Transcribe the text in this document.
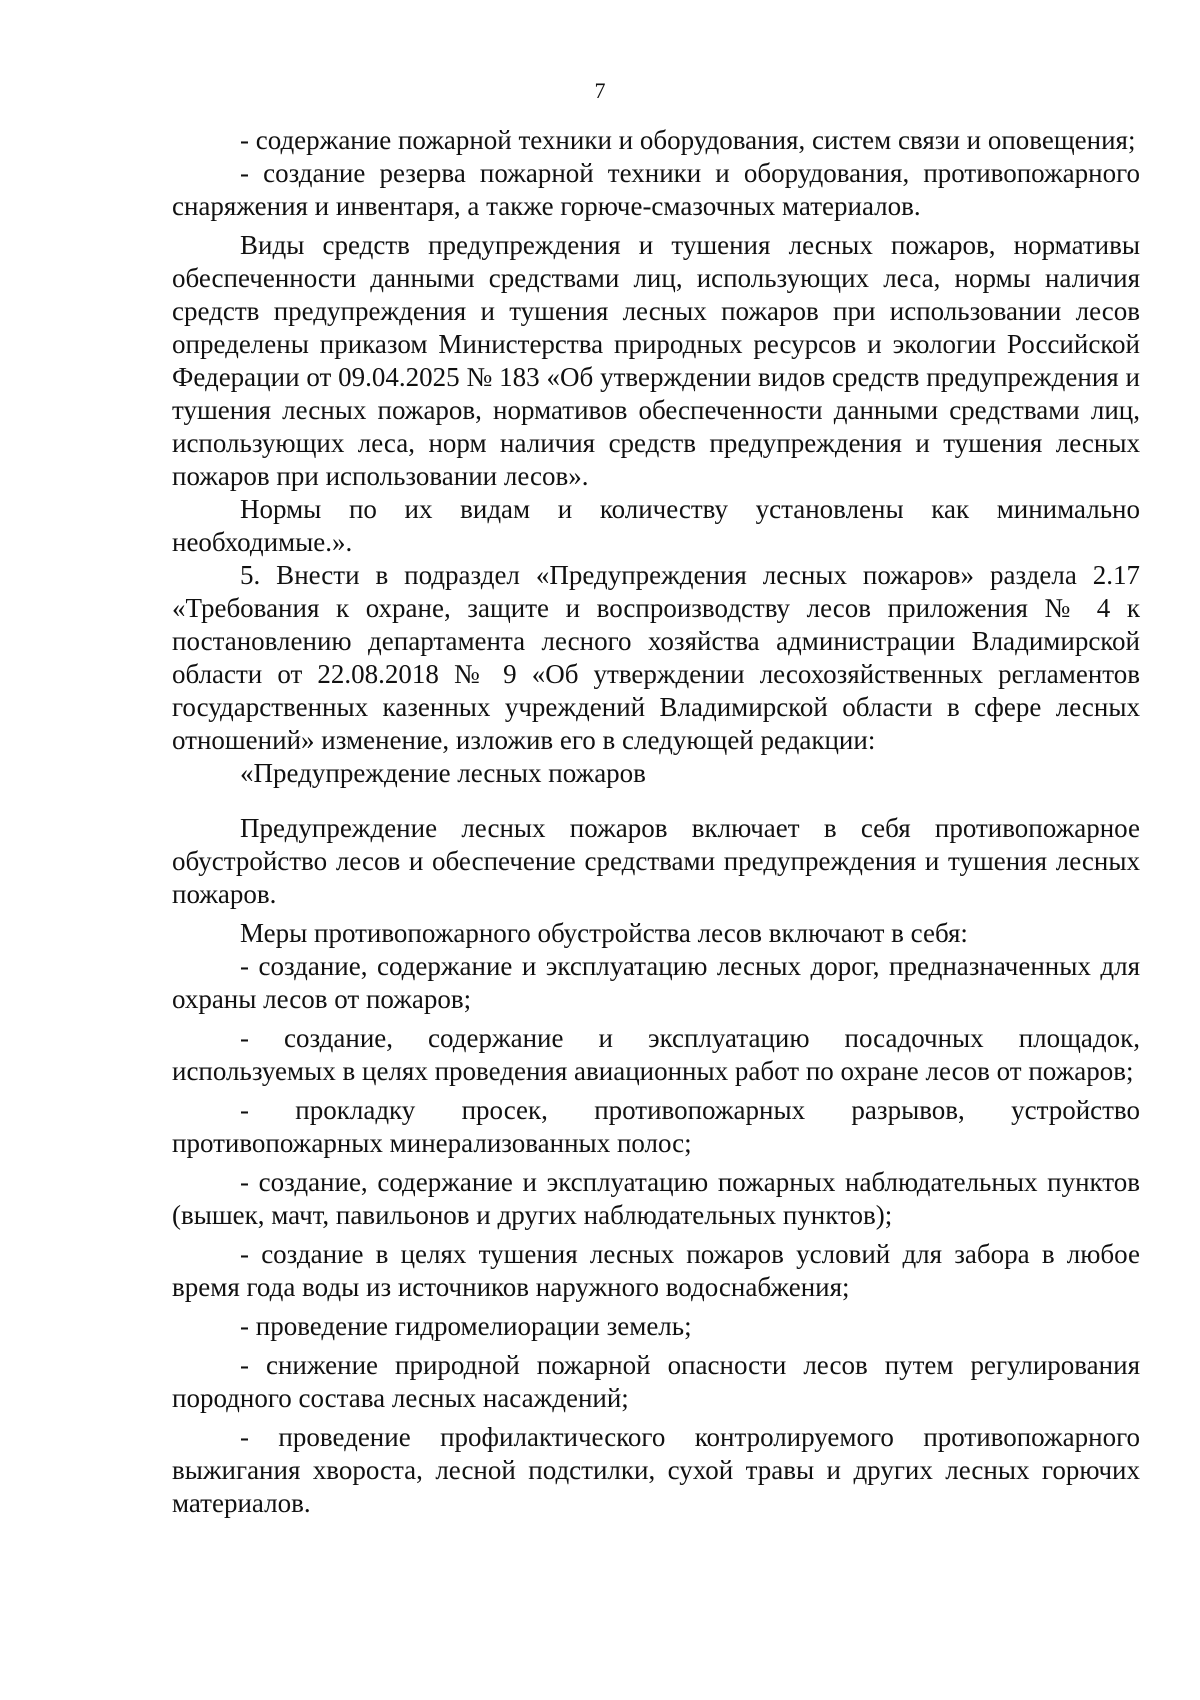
7

- содержание пожарной техники и оборудования, систем связи и оповещения;

- создание резерва пожарной техники и оборудования, противопожарного снаряжения и инвентаря, а также горюче-смазочных материалов.

Виды средств предупреждения и тушения лесных пожаров, нормативы обеспеченности данными средствами лиц, использующих леса, нормы наличия средств предупреждения и тушения лесных пожаров при использовании лесов определены приказом Министерства природных ресурсов и экологии Российской Федерации от 09.04.2025 № 183 «Об утверждении видов средств предупреждения и тушения лесных пожаров, нормативов обеспеченности данными средствами лиц, использующих леса, норм наличия средств предупреждения и тушения лесных пожаров при использовании лесов».

Нормы по их видам и количеству установлены как минимально необходимые.».

5. Внести в подраздел «Предупреждения лесных пожаров» раздела 2.17 «Требования к охране, защите и воспроизводству лесов приложения № 4 к постановлению департамента лесного хозяйства администрации Владимирской области от 22.08.2018 № 9 «Об утверждении лесохозяйственных регламентов государственных казенных учреждений Владимирской области в сфере лесных отношений» изменение, изложив его в следующей редакции:

«Предупреждение лесных пожаров

Предупреждение лесных пожаров включает в себя противопожарное обустройство лесов и обеспечение средствами предупреждения и тушения лесных пожаров.

Меры противопожарного обустройства лесов включают в себя:

- создание, содержание и эксплуатацию лесных дорог, предназначенных для охраны лесов от пожаров;

- создание, содержание и эксплуатацию посадочных площадок, используемых в целях проведения авиационных работ по охране лесов от пожаров;

- прокладку просек, противопожарных разрывов, устройство противопожарных минерализованных полос;

- создание, содержание и эксплуатацию пожарных наблюдательных пунктов (вышек, мачт, павильонов и других наблюдательных пунктов);

- создание в целях тушения лесных пожаров условий для забора в любое время года воды из источников наружного водоснабжения;

- проведение гидромелиорации земель;

- снижение природной пожарной опасности лесов путем регулирования породного состава лесных насаждений;

- проведение профилактического контролируемого противопожарного выжигания хвороста, лесной подстилки, сухой травы и других лесных горючих материалов.
